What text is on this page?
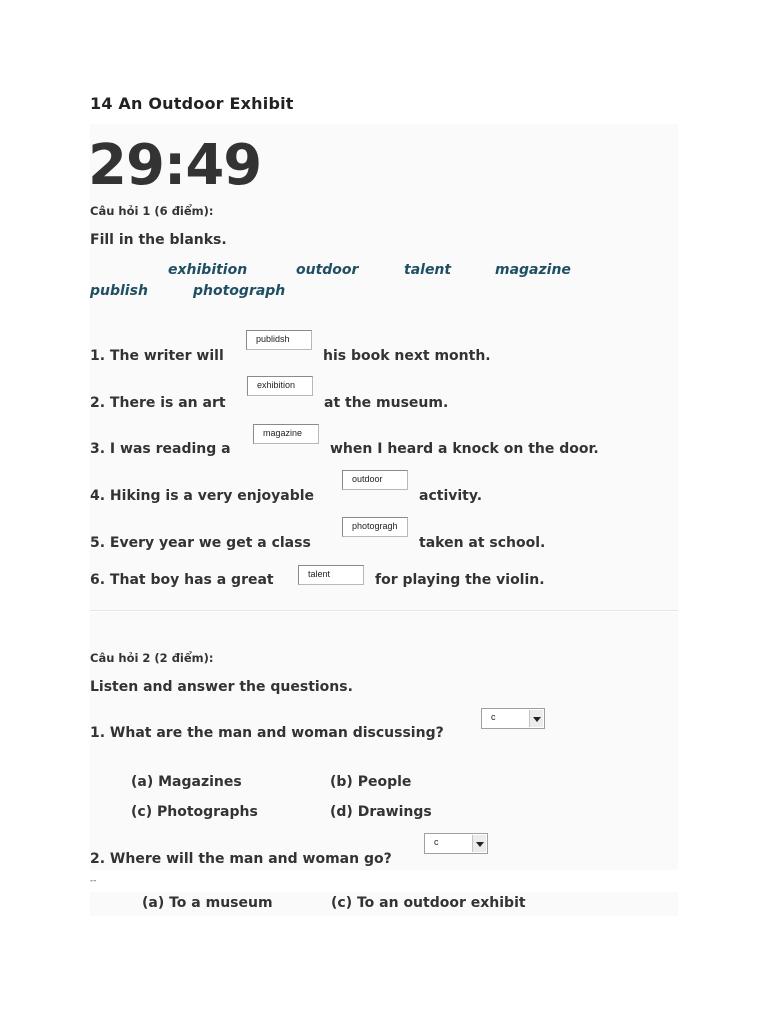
14 An Outdoor Exhibit
29:49
Câu hỏi 1 (6 điểm):
Fill in the blanks.
exhibition	outdoor	talent	magazine
publish	photograph
1. The writer will
publidsh
his book next month.
2. There is an art
exhibition
at the museum.
3. I was reading a
magazine
when I heard a knock on the door.
4. Hiking is a very enjoyable
outdoor
activity.
5. Every year we get a class
photogragh
taken at school.
6. That boy has a great	talent	for playing the violin.
Câu hỏi 2 (2 điểm):
Listen and answer the questions.
1. What are the man and woman discussing?
c
(a) Magazines	(b) People
(c) Photographs	(d) Drawings
2. Where will the man and woman go?
c
--
(a) To a museum	(c) To an outdoor exhibit
